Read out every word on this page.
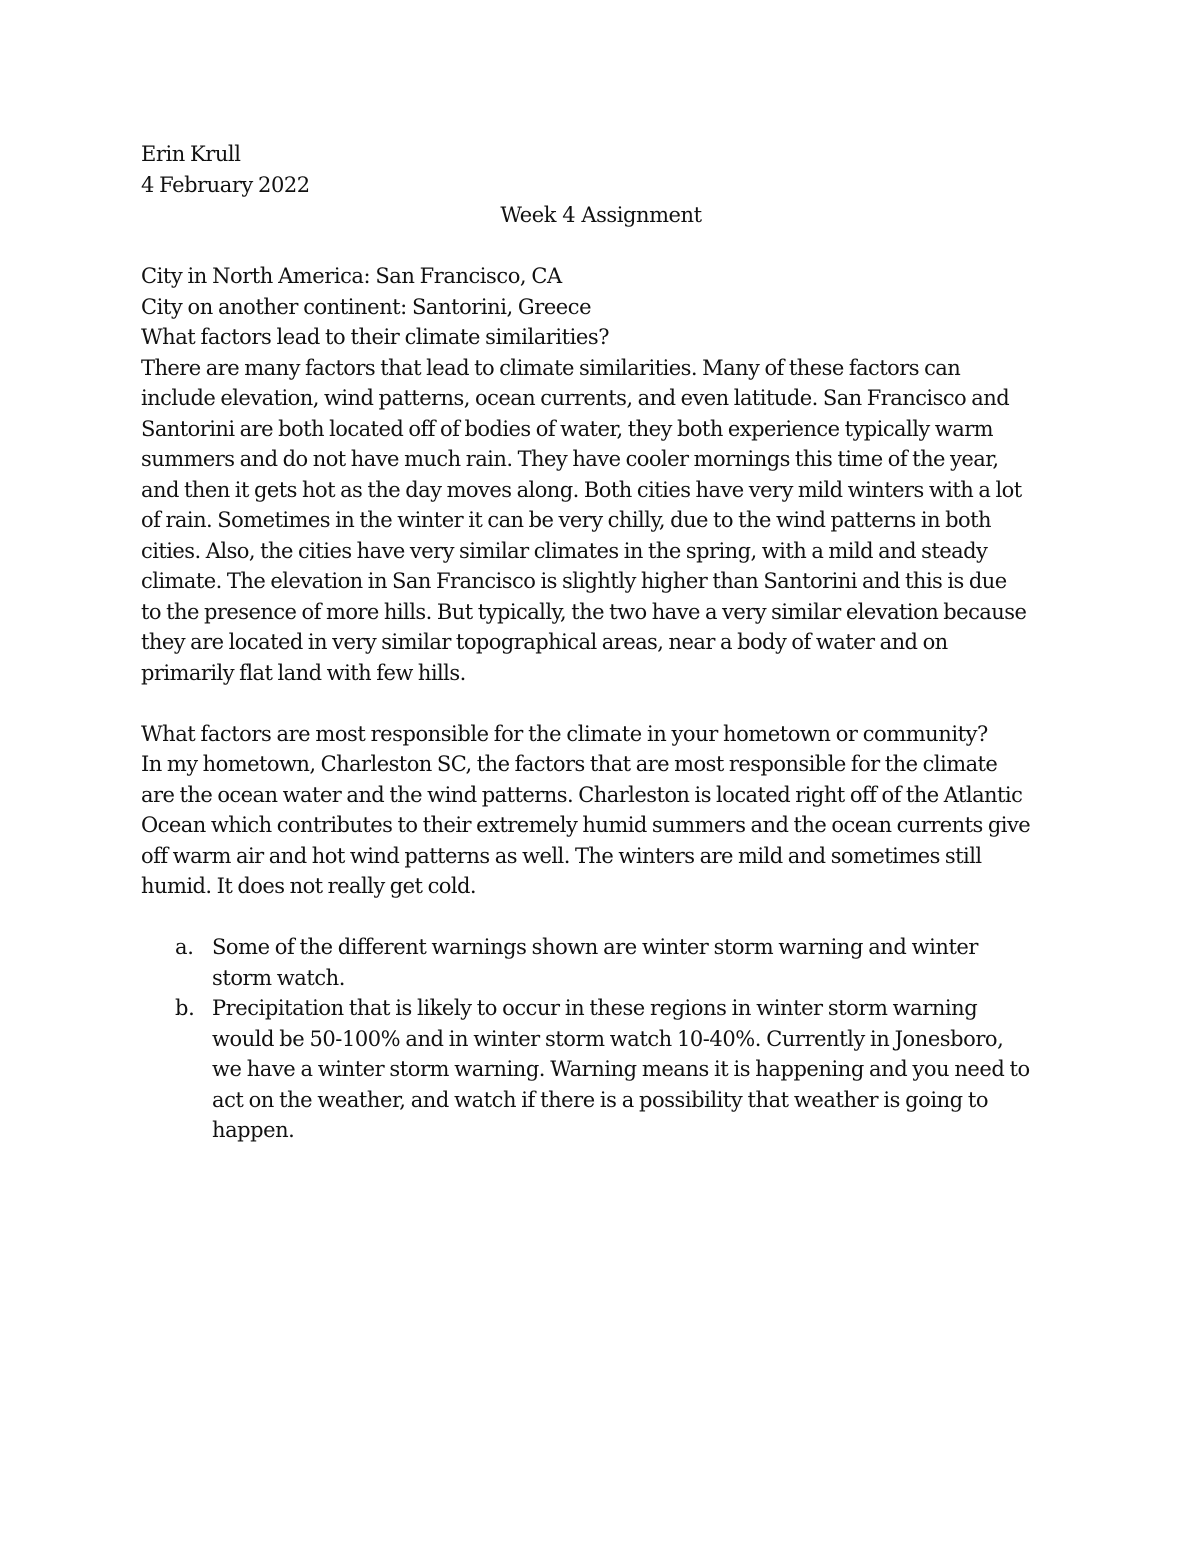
Erin Krull
4 February 2022
Week 4 Assignment
City in North America: San Francisco, CA
City on another continent: Santorini, Greece
What factors lead to their climate similarities?
There are many factors that lead to climate similarities. Many of these factors can
include elevation, wind patterns, ocean currents, and even latitude. San Francisco and
Santorini are both located off of bodies of water, they both experience typically warm
summers and do not have much rain. They have cooler mornings this time of the year,
and then it gets hot as the day moves along. Both cities have very mild winters with a lot
of rain. Sometimes in the winter it can be very chilly, due to the wind patterns in both
cities. Also, the cities have very similar climates in the spring, with a mild and steady
climate. The elevation in San Francisco is slightly higher than Santorini and this is due
to the presence of more hills. But typically, the two have a very similar elevation because
they are located in very similar topographical areas, near a body of water and on
primarily flat land with few hills.
What factors are most responsible for the climate in your hometown or community?
In my hometown, Charleston SC, the factors that are most responsible for the climate
are the ocean water and the wind patterns. Charleston is located right off of the Atlantic
Ocean which contributes to their extremely humid summers and the ocean currents give
off warm air and hot wind patterns as well. The winters are mild and sometimes still
humid. It does not really get cold.
a. Some of the different warnings shown are winter storm warning and winter
storm watch.
b. Precipitation that is likely to occur in these regions in winter storm warning
would be 50-100% and in winter storm watch 10-40%. Currently in Jonesboro,
we have a winter storm warning. Warning means it is happening and you need to
act on the weather, and watch if there is a possibility that weather is going to
happen.
